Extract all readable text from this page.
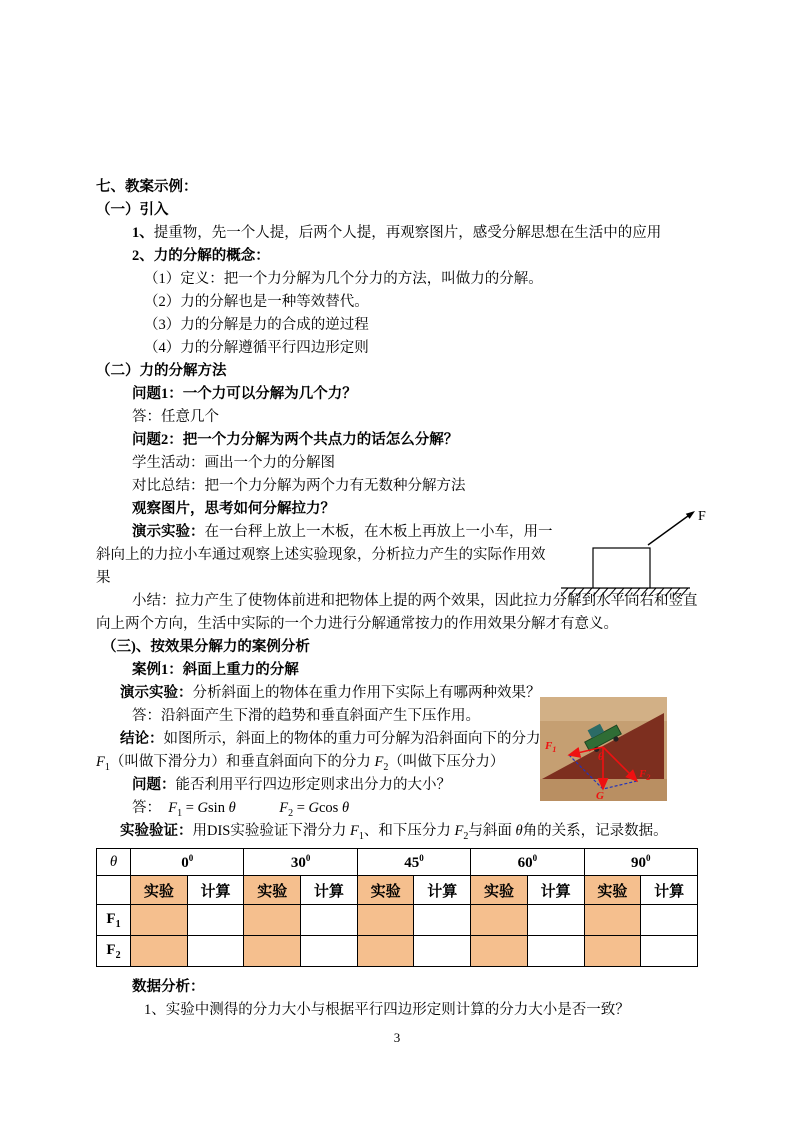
七、教案示例：
（一）引入
1、提重物，先一个人提，后两个人提，再观察图片，感受分解思想在生活中的应用
2、力的分解的概念：
（1）定义：把一个力分解为几个分力的方法，叫做力的分解。
（2）力的分解也是一种等效替代。
（3）力的分解是力的合成的逆过程
（4）力的分解遵循平行四边形定则
（二）力的分解方法
问题1：一个力可以分解为几个力？
答：任意几个
问题2：把一个力分解为两个共点力的话怎么分解？
学生活动：画出一个力的分解图
对比总结：把一个力分解为两个力有无数种分解方法
观察图片，思考如何分解拉力？
演示实验：在一台秤上放上一木板，在木板上再放上一小车，用一
斜向上的力拉小车通过观察上述实验现象，分析拉力产生的实际作用效
果
小结：拉力产生了使物体前进和把物体上提的两个效果，因此拉力分解到水平向右和竖直
向上两个方向，生活中实际的一个力进行分解通常按力的作用效果分解才有意义。
（三)、按效果分解力的案例分析
案例1：斜面上重力的分解
演示实验：分析斜面上的物体在重力作用下实际上有哪两种效果？
答：沿斜面产生下滑的趋势和垂直斜面产生下压作用。
结论：如图所示，斜面上的物体的重力可分解为沿斜面向下的分力
$F_1$（叫做下滑分力）和垂直斜面向下的分力 $F_2$（叫做下压分力）
问题：能否利用平行四边形定则求出分力的大小？
答：  $F_1 = Gsin$ θ　　　	$F_2 = Gcos$ θ
实验验证：用DIS实验验证下滑分力 $F_1$、和下压分力 $F_2$与斜面 θ角的关系，记录数据。
θ	$0^0$		$30^0$		$45^0$		$60^0$		$90^0$
	实验	计算	实验	计算	实验	计算	实验	计算	实验	计算
$F_1$										
$F_2$										
数据分析：
1、实验中测得的分力大小与根据平行四边形定则计算的分力大小是否一致？
F
$F_1$
$F_2$
G
θ
3
